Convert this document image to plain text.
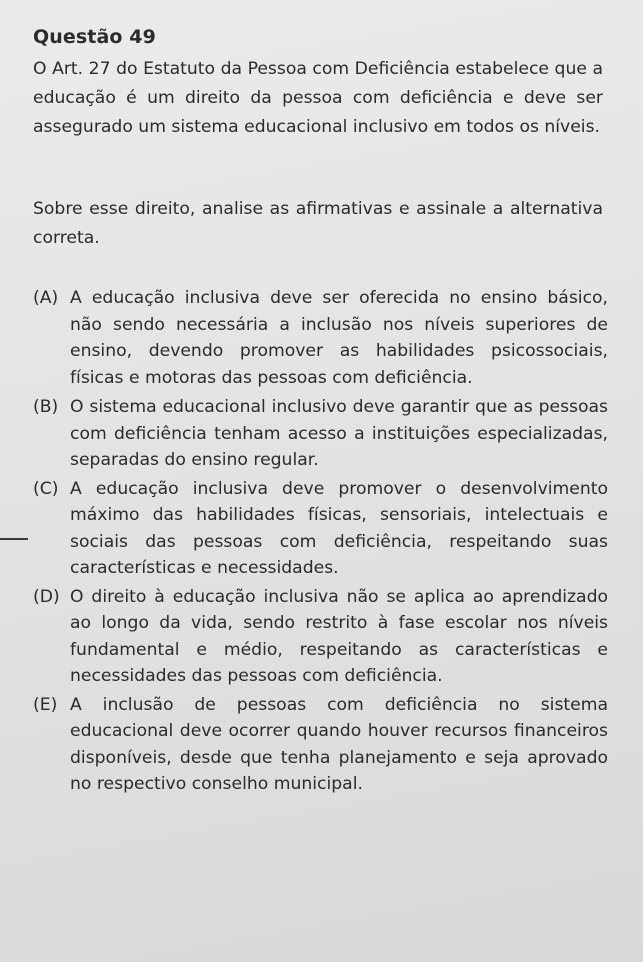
Questão 49

O Art. 27 do Estatuto da Pessoa com Deficiência estabelece que a educação é um direito da pessoa com deficiência e deve ser assegurado um sistema educacional inclusivo em todos os níveis.

Sobre esse direito, analise as afirmativas e assinale a alternativa correta.

(A) A educação inclusiva deve ser oferecida no ensino básico, não sendo necessária a inclusão nos níveis superiores de ensino, devendo promover as habilidades psicossociais, físicas e motoras das pessoas com deficiência.
(B) O sistema educacional inclusivo deve garantir que as pessoas com deficiência tenham acesso a instituições especializadas, separadas do ensino regular.
(C) A educação inclusiva deve promover o desenvolvimento máximo das habilidades físicas, sensoriais, intelectuais e sociais das pessoas com deficiência, respeitando suas características e necessidades.
(D) O direito à educação inclusiva não se aplica ao aprendizado ao longo da vida, sendo restrito à fase escolar nos níveis fundamental e médio, respeitando as características e necessidades das pessoas com deficiência.
(E) A inclusão de pessoas com deficiência no sistema educacional deve ocorrer quando houver recursos financeiros disponíveis, desde que tenha planejamento e seja aprovado no respectivo conselho municipal.
